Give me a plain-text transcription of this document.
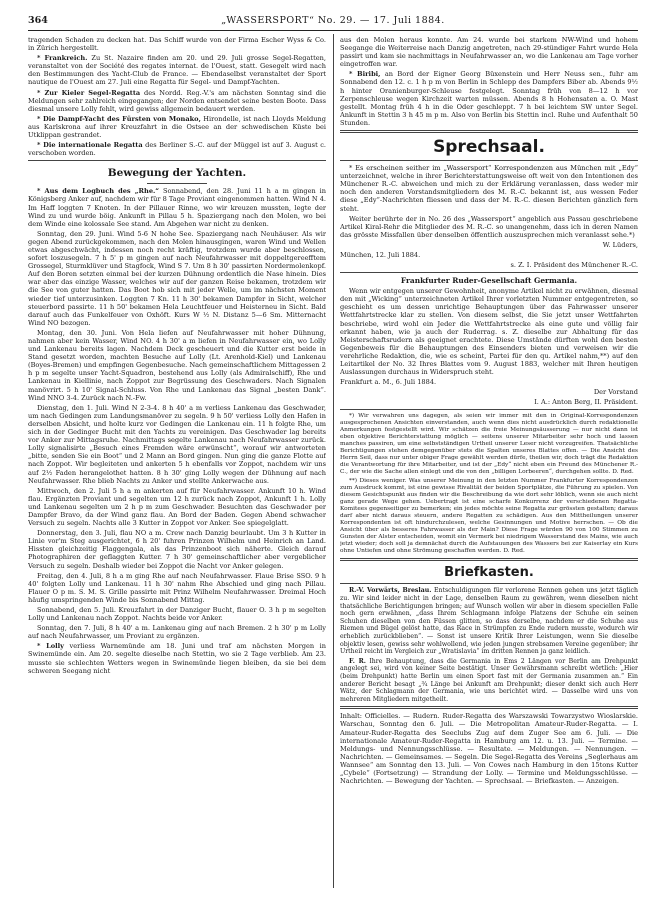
364	„WASSERSPORT“ No. 29. — 17. Juli 1884.

tragenden Schaden zu decken hat. Das Schiff wurde von der Firma Escher Wyss & Co. in Zürich hergestellt.

* Frankreich. Zu St. Nazaire finden am 20. und 29. Juli grosse Segel-Regatten, veranstaltet von der Société des regates internat. de l'Ouest, statt. Gesegelt wird nach den Bestimmungen des Yacht-Club de France. — Ebendaselbst veranstaltet der Sport nautique de l'Ouest am 27. Juli eine Regatta für Segel- und Dampf-Yachten.

* Zur Kieler Segel-Regatta des Nordd. Reg.-V.'s am nächsten Sonntag sind die Meldungen sehr zahlreich eingegangen; der Norden entsendet seine besten Boote. Dass diesmal unsere Lolly fehlt, wird gewiss allgemein bedauert werden.

* Die Dampf-Yacht des Fürsten von Monako, Hirondelle, ist nach Lloyds Meldung aus Karlskrona auf ihrer Kreuzfahrt in die Ostsee an der schwedischen Küste bei Utklippan gestrandet.

* Die internationale Regatta des Berliner S.-C. auf der Müggel ist auf 3. August c. verschoben worden.

Bewegung der Yachten.

* Aus dem Logbuch des „Rhe.“ Sonnabend, den 28. Juni 11 h a m gingen in Königsberg Anker auf, nachdem wir für 8 Tage Proviant eingenommen hatten. Wind N 4. Im Haff loggten 7 Knoten. In der Pillauer Rinne, wo wir kreuzen mussten, legte der Wind zu und wurde böig. Ankunft in Pillau 5 h. Spaziergang nach den Molen, wo bei dem Winde eine kolossale See stand. Am Abgehen war nicht zu denken.

Sonntag, den 29. Juni. Wind 5-6 N hohe See. Spaziergang nach Neuhäuser. Als wir gegen Abend zurückgekommen, nach den Molen hinausgingen, waren Wind und Wellen etwas abgeschwächt, indessen noch recht kräftig, trotzdem wurde aber beschlossen, sofort loszusegeln. 7 h 5' p m gingen auf nach Neufahrwasser mit doppeltgereefftem Grossegel, Sturmklüver und Stagfock, Wind S 7. Um 8 h 30' passirten Nordermolenkopf. Auf den Boren setzten einmal bei der kurzen Dühnung ordentlich die Nase hinein. Dies war aber das einzige Wasser, welches wir auf der ganzen Reise bekamen, trotzdem wir die See von guter hatten. Das Boot hob sich mit jeder Welle, um im nächsten Moment wieder tief unterzusinken. Loggten 7 Kn. 11 h 30' bekamen Dampfer in Sicht, welcher steuerbord passirte. 11 h 50' bekamen Hela Leuchtfeuer und Heisterneu in Sicht. Bald darauf auch das Funkelfeuer von Oxhöft. Kurs W ½ N. Distanz 5—6 Sm. Mitternacht Wind NO bezogen.

Montag, den 30. Juni. Von Hela liefen auf Neufahrwasser mit hoher Dühnung, nahmen aber kein Wasser, Wind NO. 4 h 30' a m liefen in Neufahrwasser ein, wo Lolly und Lankenau bereits lagen. Nachdem Deck gescheuert und die Kutter erst beide in Stand gesetzt worden, machten Besuche auf Lolly (Lt. Arenhold-Kiel) und Lankenau (Boyes-Bremen) und empfingen Gegenbesuche. Nach gemeinschaftlichem Mittagessen 2 h p m segelte unser Yacht-Squadron, bestehend aus Lolly (als Admiralschiff), Rhe und Lankenau in Kiellinie, nach Zoppot zur Begrüssung des Geschwaders. Nach Signalen manövrirt. 5 h 10' Signal-Schluss. Von Rhe und Lankenau das Signal „besten Dank“. Wind NNO 3-4. Zurück nach N.-Fw.

Dienstag, den 1. Juli. Wind N 2-3-4. 8 h 40' a m verliess Lankenau das Geschwader, um nach Gedingen zum Landungsmanöver zu segeln. 9 h 50' verliess Lolly den Hafen in derselben Absicht, und holte kurz vor Gedingen die Lankenau ein. 11 h folgte Rhe, um sich in der Gedinger Bucht mit den Yachts zu vereinigen. Das Geschwader lag bereits vor Anker zur Mittagsruhe. Nachmittags segelte Lankenau nach Neufahrwasser zurück. Lolly signalisirte „Besuch eines Fremden wäre erwünscht“, worauf wir antworteten „bitte, senden Sie ein Boot“ und 2 Mann an Bord gingen. Nun ging die ganze Flotte auf nach Zoppot. Wir begleiteten und ankerten 5 h ebenfalls vor Zoppot, nachdem wir uns auf 2½ Faden herangelothet hatten. 8 h 30' ging Lolly wegen der Dühnung auf nach Neufahrwasser. Rhe blieb Nachts zu Anker und stellte Ankerwache aus.

Mittwoch, den 2. Juli 5 h a m ankerten auf für Neufahrwasser. Ankunft 10 h. Wind flau. Ergänzten Proviant und segelten um 12 h zurück nach Zoppot, Ankunft 1 h. Lolly und Lankenau segelten um 2 h p m zum Geschwader. Besuchten das Geschwader per Dampfer Bravo, da der Wind ganz flau. An Bord der Baden. Gegen Abend schwacher Versuch zu segeln. Nachts alle 3 Kutter in Zoppot vor Anker. See spiegelglatt.

Donnerstag, den 3. Juli, flau NO a m. Crew nach Danzig beurlaubt. Um 3 h Kutter in Linie vor'm Steg ausgerichtet, 6 h 20' fuhren Prinzen Wilhelm und Heinrich an Land. Hissten gleichzeitig Flaggengala, als das Prinzenboot sich näherte. Gleich darauf Photographiren der geflaggten Kutter. 7 h 30' gemeinschaftlicher aber vergeblicher Versuch zu segeln. Deshalb wieder bei Zoppot die Nacht vor Anker gelegen.

Freitag, den 4. Juli, 8 h a m ging Rhe auf nach Neufahrwasser. Flaue Brise SSO. 9 h 40' folgten Lolly und Lankenau. 11 h 30' nahm Rhe Abschied und ging nach Pillau. Flauer O p m. S. M. S. Grille passirte mit Prinz Wilhelm Neufahrwasser. Dreimal Hoch häufig umspringenden Winde bis Sonnabend Mittag.

Sonnabend, den 5. Juli. Kreuzfahrt in der Danziger Bucht, flauer O. 3 h p m segelten Lolly und Lankenau nach Zoppot. Nachts beide vor Anker.

Sonntag, den 7. Juli, 8 h 40' a m. Lankenau ging auf nach Bremen. 2 h 30' p m Lolly auf nach Neufahrwasser, um Proviant zu ergänzen.

* Lolly verliess Warnemünde am 18. Juni und traf am nächsten Morgen in Swinemünde ein. Am 20. segelte dieselbe nach Stettin, wo sie 2 Tage verblieb. Am 23. musste sie schlechten Wetters wegen in Swinemünde liegen bleiben, da sie bei dem schweren Seegang nicht

aus den Molen heraus konnte. Am 24. wurde bei starkem NW-Wind und hohem Seegange die Weiterreise nach Danzig angetreten, nach 29-stündiger Fahrt wurde Hela passirt und kam sie nachmittags in Neufahrwasser an, wo die Lankenau am Tage vorher eingetroffen war.

* Biribi, an Bord der Eigner Georg Büxenstein und Herr Neuss sen., fuhr am Sonnabend den 12. c. 1 h p m von Berlin in Schlepp des Dampfers Biber ab. Abends 9½ h hinter Oranienburger-Schleuse festgelegt. Sonntag früh von 8—12 h vor Zerpenschleuse wegen Kirchzeit warten müssen. Abends 8 h Hohensaten a. O. Mast gestellt. Montag früh 4 h in die Oder geschleppt. 7 h bei leichtem SW unter Segel. Ankunft in Stettin 3 h 45 m p m. Also von Berlin bis Stettin incl. Ruhe und Aufenthalt 50 Stunden.

Sprechsaal.

* Es erscheinen seither im „Wassersport“ Korrespondenzen aus München mit „Edy“ unterzeichnet, welche in ihrer Berichterstattungsweise oft weit von den Intentionen des Münchener R.-C. abweichen und mich zu der Erklärung veranlassen, dass weder mir noch den anderen Vorstandsmitgliedern des M. R.-C. bekannt ist, aus wessen Feder diese „Edy“-Nachrichten fliessen und dass der M. R.-C. diesen Berichten gänzlich fern steht.

Weiter berührte der in No. 26 des „Wassersport“ angeblich aus Passau geschriebene Artikel Kiral-Rehr die Mitglieder des M. R.-C. so unangenehm, dass ich in deren Namen das grösste Missfallen über denselben öffentlich auszusprechen mich veranlasst sehe.*)

W. Lüders,
München, 12. Juli 1884.
s. Z. I. Präsident des Münchener R.-C.
Frankfurter Ruder-Gesellschaft Germania.

Wenn wir entgegen unserer Gewohnheit, anonyme Artikel nicht zu erwähnen, diesmal den mit „Wicking“ unterzeichneten Artikel Ihrer vorletzten Nummer entgegentreten, so geschieht es um dessen unrichtige Behauptungen über das Fahrwasser unserer Wettfahrtstrecke klar zu stellen. Von diesem selbst, die Sie jetzt unser Wettfahrten beschriebe, wird wohl ein Jeder die Wettfahrtstrecke als eine gute und völlig fair erkannt haben, wie ja auch der Ruderrag. s. Z. dieselbe zur Abhaltung für das Meisterschaftsrudern als geeignet erachtete. Diese Umstände dürften wohl den besten Gegenbeweis für die Behauptungen des Einsenders bieten und verweisen wir die verehrliche Redaktion, die, wie es scheint, Partei für den qu. Artikel nahm,**) auf den Leitartikel der No. 32 Ihres Blattes vom 9. August 1883, welcher mit Ihren heutigen Auslassungen durchaus in Widerspruch steht.

Frankfurt a. M., 6. Juli 1884.
Der Vorstand
I. A.: Anton Berg, II. Präsident.

*) Wir verwahren uns dagegen, als seien wir immer mit den in Original-Korrespondenzen ausgesprochenen Ansichten einverstanden, auch wenn dies nicht ausdrücklich durch redaktionelle Anmerkungen festgestellt wird. Wir schätzen die freie Meinungsäusserung — nur nicht dann ist eben objektive Berichterstattung möglich — seitens unserer Mitarbeiter sehr hoch und lassen manches passiren, um eine selbstständigen Urtheil unserer Leser nicht vorzugreifen. Thatsächliche Berichtigungen stehen demgegenüber stets die Spalten unseres Blattes offen. — Die Ansicht des Herrn Seil, dass nur unter obiger Frage gewählt werden dürfe, theilen wir, doch trägt die Redaktion die Verantwortung für ihre Mitarbeiter, und ist der „Edy“ nicht eben ein Freund des Münchener R.-C., der wie die Sache allen einlegt und die von den „billigen Lorbeeren“, durchgehen sollte. D. Red.

**) Dieses weniger. Was unserer Meinung in den letzten Nummer Frankfurter Korrespondenzen zum Ausdruck kommt, ist eine gewisse Rivalität der beiden Sportplätze, die Führung zu spielen. Von diesem Gesichtspunkt aus finden wir die Beschreibung da wie dort sehr löblich, wenn sie auch nicht ganz gerade Wege gehen. Uebertragt ist eine scharfe Konkurrenz der verschiedenen Regatta-Komitees gegenseitiger zu bemerken; ein jedes möchte seine Regatta zur grössten gestalten; daraus darf aber nicht daraus steuern, andere Regatten zu schädigen. Aus den Mittheilungen unserer Korrespondenten ist oft hindurchzulesen, welche Gesinnungen und Motive herrschen. — Ob die Ansicht über als besseres Fahrwasser als der Main? Diese Frage würden 90 von 100 Stimmen zu Gunsten der Alster entscheiden, womit ein Vermerk bei niedrigem Wasserstand des Mains, wie auch jetzt wieder; doch soll ja demnächst durch die Aufstauungen des Wassers bei zur Kaiserlay ein Kurs ohne Untiefen und ohne Strömung geschaffen werden. D. Red.

Briefkasten.

R.-V. Vorwärts, Breslau. Entschuldigungen für verlorene Rennen gehen uns jetzt täglich zu. Wir sind leider nicht in der Lage, denselben Raum zu gewähren, wenn dieselben nicht thatsächliche Berichtigungen bringen; auf Wunsch wollen wir aber in diesem speciellen Falle noch gern erwähnen, „dass Ihrem Schlagmann infolge Platzens der Schuhe ein seinen Schuhen dieselben von den Füssen glitten, so dass derselbe, nachdem er die Schuhe aus Riemen und Bügel gelöst hatte, das Race in Strümpfen zu Ende rudern musste, wodurch wir erheblich zurückblieben“. — Sonst ist unsere Kritik Ihrer Leistungen, wenn Sie dieselbe objektiv lesen, gewiss sehr wohlwollend, wie jeden jungen strebsamen Vereine gegenüber; ihr Urtheil reicht im Vergleich zur „Wratislavia“ im dritten Rennen ja ganz leidlich.

F. R. Ihre Behauptung, dass die Germania in Ems 2 Längen vor Berlin am Drehpunkt angelegt sei, wird von keiner Seite bestätigt. Unser Gewährsmann schreibt wörtlich: „Hier (beim Drehpunkt) hatte Berlin um einen Sport fast mit der Germania zusammen an.“ Ein anderer Bericht besagt „¾ Länge bei Ankunft am Drehpunkt; dieser denkt sich auch Herr Wätz, der Schlagmann der Germania, wie uns berichtet wird. — Dasselbe wird uns von mehreren Mitgliedern mitgetheilt.

Inhalt: Officielles. — Rudern. Ruder-Regatta des Warszawski Towarzystwo Wioslarskie. Warschau, Sonntag den 6. Juli. — Die Metropolitan Amateur-Ruder-Regatta. — I. Amateur-Ruder-Regatta des Seeclubs Zug auf dem Zuger See am 6. Juli. — Die internationale Amateur-Ruder-Regatta in Hamburg am 12. u. 13. Juli. — Termine. — Meldungs- und Nennungsschlüsse. — Resultate. — Meldungen. — Nennungen. — Nachrichten. — Gemeinsames. — Segeln. Die Segel-Regatta des Vereins „Seglerhaus am Wannsee“ am Sonntag den 13. Juli. — Von Cowes nach Hamburg in den 15tons Kutter „Cybele“ (Fortsetzung) — Strandung der Lolly. — Termine und Meldungsschlüsse. — Nachrichten. — Bewegung der Yachten. — Sprechsaal. — Briefkasten. — Anzeigen.
